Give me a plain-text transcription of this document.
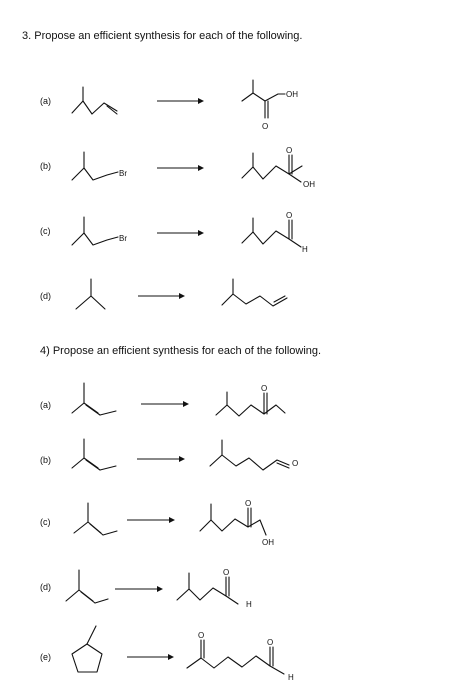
3. Propose an efficient synthesis for each of the following.
(a)
(b)
(c)
(d)
4) Propose an efficient synthesis for each of the following.
(a)
(b)
(c)
(d)
(e)
OH
O
Br
O
OH
Br
O
H
O
O
O
OH
O
H
O
O
H
